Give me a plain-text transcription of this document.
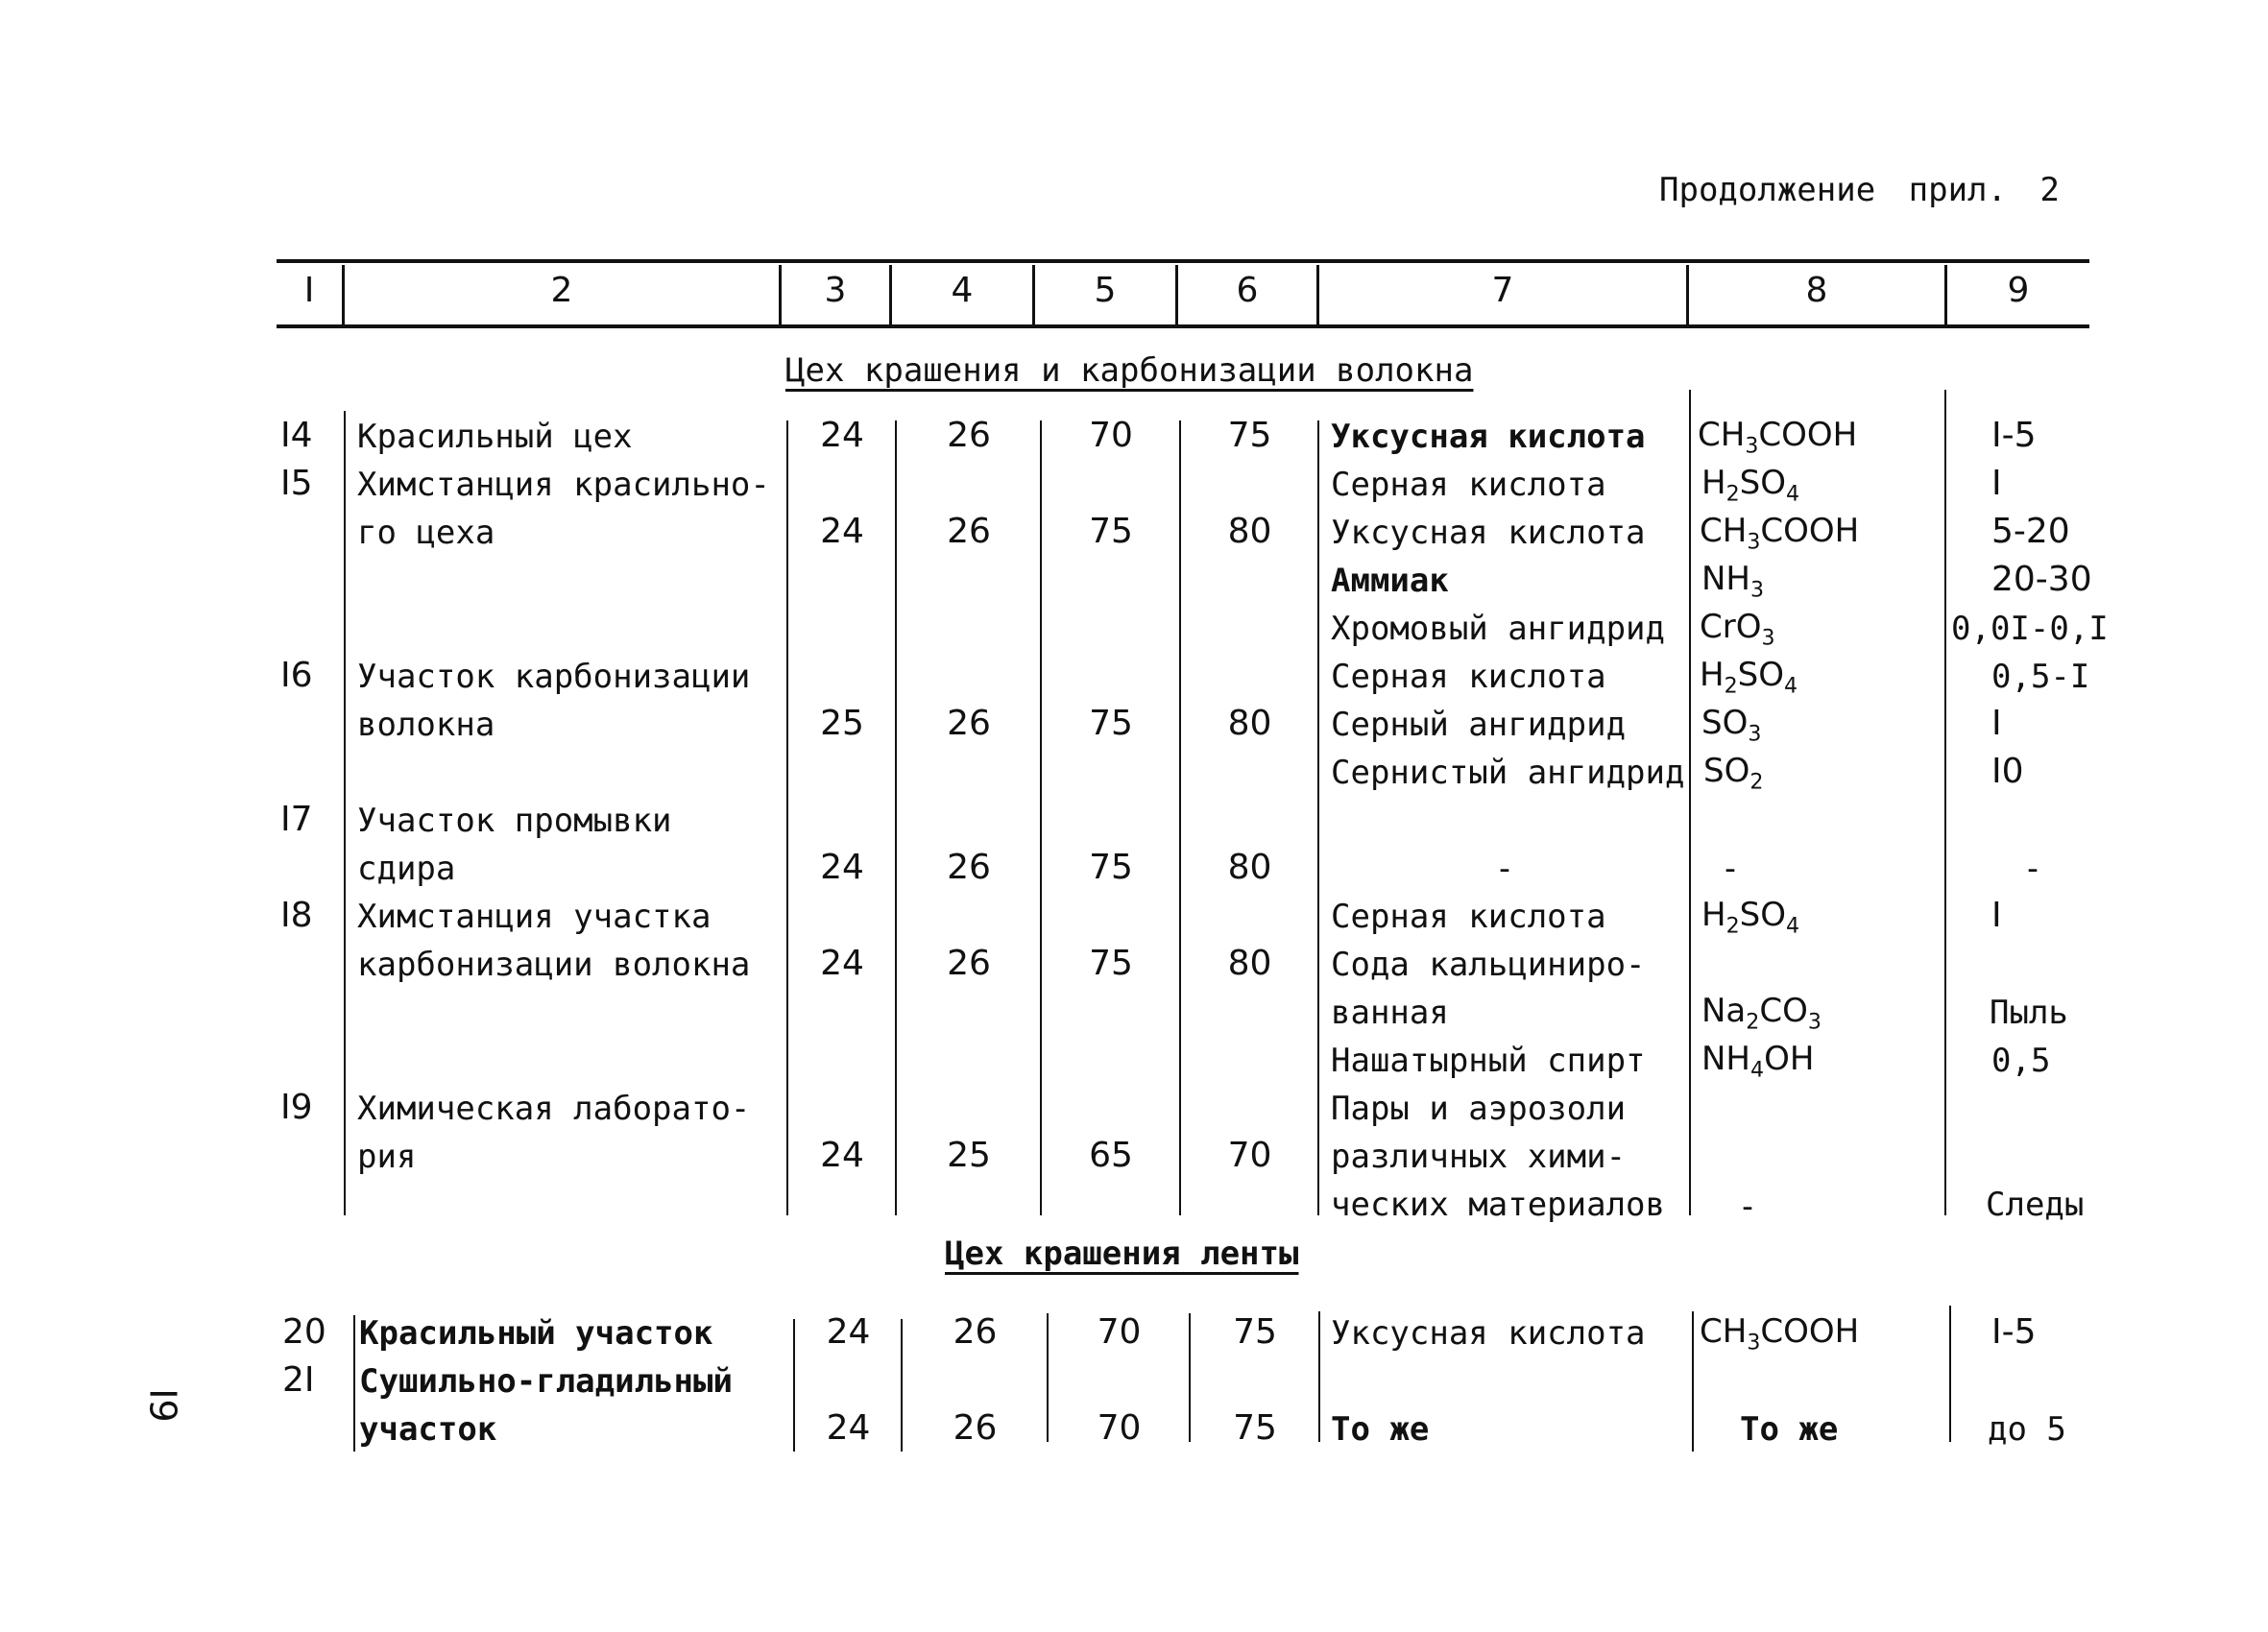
Продолжение прил. 2
I	2	3	4	5	6	7	8	9
Цех крашения и карбонизации волокна
I4 Красильный цех	24	26	70	75	Уксусная кислота $CH_3COOH$	I-5
I5 Химстанция красильно-
го цеха	24	26	75	80
Серная кислота	$H_2SO_4$	I
Уксусная кислота $CH_3COOH$	5-20
Аммиак	$NH_3$	20-30
Хромовый ангидрид CrO$_3$	0,0I-0,I
I6 Участок карбонизации
волокна	25	26	75	80
Серная кислота	$H_2SO_4$	0,5-I
Серный ангидрид $SO_3$	I
Сернистый ангидрид $SO_2$	I0
I7 Участок промывки
сдира	24	26	75	80	-	-	-
I8 Химстанция участка
карбонизации волокна	24	26	75	80
Серная кислота	$H_2SO_4$	I
Сода кальциниро-
ванная	$Na_2CO_3$	Пыль
Нашатырный спирт $NH_4OH$	0,5
I9 Химическая лаборато-
рия	24	25	65	70
Пары и аэрозоли
различных хими-
ческих материалов	-	Следы
Цех крашения ленты
20 Красильный участок	24	26	70	75	Уксусная кислота $CH_3COOH$	I-5
2I Сушильно-гладильный
участок	24	26	70	75	То же	То же	до 5
I9
